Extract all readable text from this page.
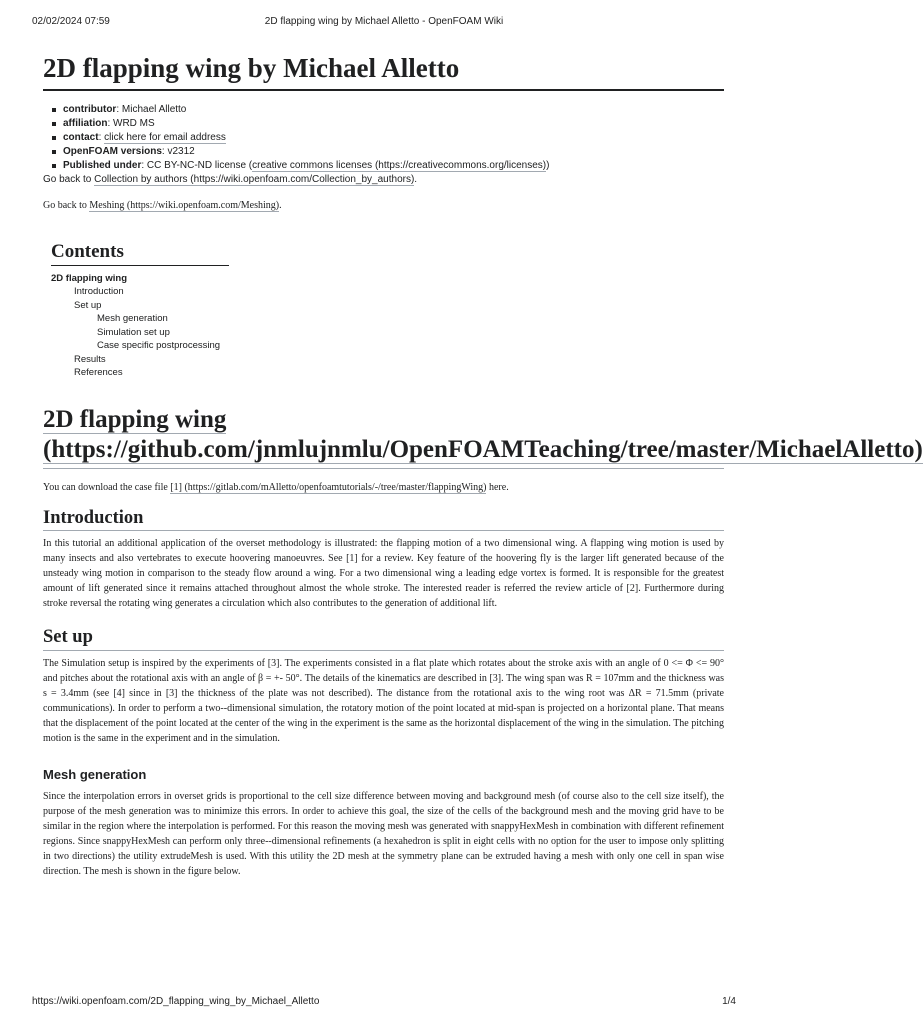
02/02/2024 07:59	2D flapping wing by Michael Alletto - OpenFOAM Wiki
2D flapping wing by Michael Alletto
contributor: Michael Alletto
affiliation: WRD MS
contact: click here for email address
OpenFOAM versions: v2312
Published under: CC BY-NC-ND license (creative commons licenses (https://creativecommons.org/licenses))

Go back to Collection by authors (https://wiki.openfoam.com/Collection_by_authors).

Go back to Meshing (https://wiki.openfoam.com/Meshing).

Contents
2D flapping wing
Introduction
Set up
Mesh generation
Simulation set up
Case specific postprocessing
Results
References
2D flapping wing (https://github.com/jnmlujnmlu/OpenFOAMTeaching/tree/master/MichaelAlletto)

You can download the case file [1] (https://gitlab.com/mAlletto/openfoamtutorials/-/tree/master/flappingWing) here.

Introduction

In this tutorial an additional application of the overset methodology is illustrated: the flapping motion of a two dimensional wing. A flapping wing motion is used by many insects and also vertebrates to execute hoovering manoeuvres. See [1] for a review. Key feature of the hoovering fly is the larger lift generated because of the unsteady wing motion in comparison to the steady flow around a wing. For a two dimensional wing a leading edge vortex is formed. It is responsible for the greatest amount of lift generated since it remains attached throughout almost the whole stroke. The interested reader is referred the review article of [2]. Furthermore during stroke reversal the rotating wing generates a circulation which also contributes to the generation of additional lift.

Set up

The Simulation setup is inspired by the experiments of [3]. The experiments consisted in a flat plate which rotates about the stroke axis with an angle of 0 <= Φ <= 90° and pitches about the rotational axis with an angle of β = +- 50°. The details of the kinematics are described in [3]. The wing span was R = 107mm and the thickness was s = 3.4mm (see [4] since in [3] the thickness of the plate was not described). The distance from the rotational axis to the wing root was ΔR = 71.5mm (private communications). In order to perform a two--dimensional simulation, the rotatory motion of the point located at mid-span is projected on a horizontal plane. That means that the displacement of the point located at the center of the wing in the experiment is the same as the horizontal displacement of the wing in the simulation. The pitching motion is the same in the experiment and in the simulation.

Mesh generation

Since the interpolation errors in overset grids is proportional to the cell size difference between moving and background mesh (of course also to the cell size itself), the purpose of the mesh generation was to minimize this errors. In order to achieve this goal, the size of the cells of the background mesh and the moving grid have to be similar in the region where the interpolation is performed. For this reason the moving mesh was generated with snappyHexMesh in combination with different refinement regions. Since snappyHexMesh can perform only three--dimensional refinements (a hexahedron is split in eight cells with no option for the user to impose only splitting in two directions) the utility extrudeMesh is used. With this utility the 2D mesh at the symmetry plane can be extruded having a mesh with only one cell in span wise direction. The mesh is shown in the figure below.

https://wiki.openfoam.com/2D_flapping_wing_by_Michael_Alletto	1/4
